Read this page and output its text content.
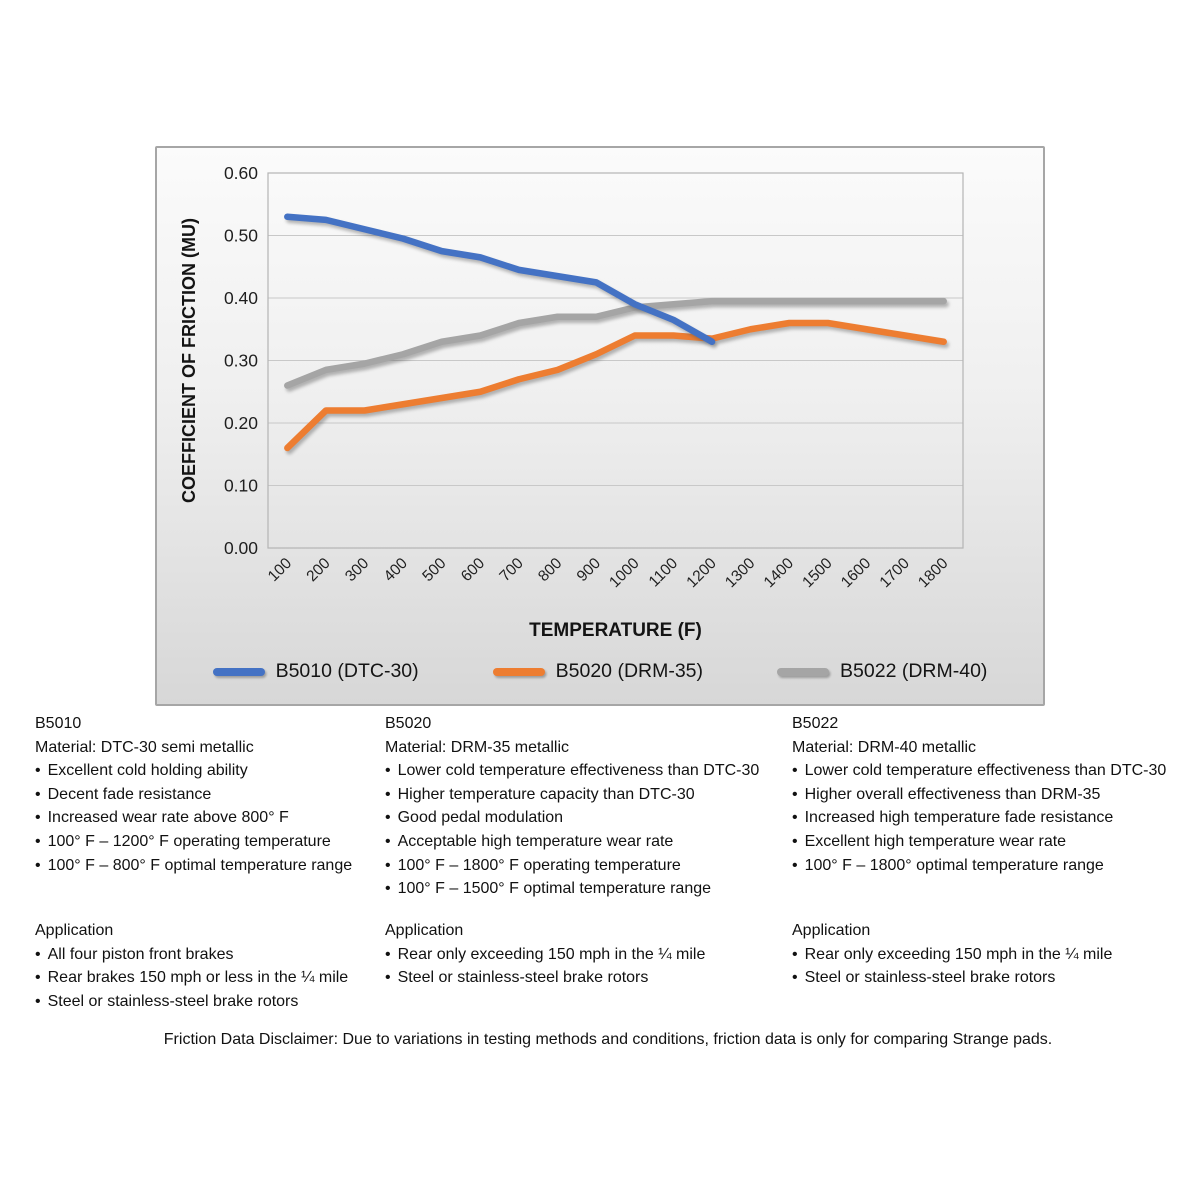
0.00
0.10
0.20
0.30
0.40
0.50
0.60
100 200 300 400 500 600 700 800 900 1000 1100 1200 1300 1400 1500 1600 1700 1800
TEMPERATURE (F)
COEFFICIENT OF FRICTION (MU)
B5010 (DTC-30)	B5020 (DRM-35)	B5022 (DRM-40)
B5010
Material: DTC-30 semi metallic
• Excellent cold holding ability
• Decent fade resistance
• Increased wear rate above 800° F
• 100° F – 1200° F operating temperature
• 100° F – 800° F optimal temperature range
Application
• All four piston front brakes
• Rear brakes 150 mph or less in the ¼ mile
• Steel or stainless-steel brake rotors
B5020
Material: DRM-35 metallic
• Lower cold temperature effectiveness than DTC-30
• Higher temperature capacity than DTC-30
• Good pedal modulation
• Acceptable high temperature wear rate
• 100° F – 1800° F operating temperature
• 100° F – 1500° F optimal temperature range
Application
• Rear only exceeding 150 mph in the ¼ mile
• Steel or stainless-steel brake rotors
B5022
Material: DRM-40 metallic
• Lower cold temperature effectiveness than DTC-30
• Higher overall effectiveness than DRM-35
• Increased high temperature fade resistance
• Excellent high temperature wear rate
• 100° F – 1800° optimal temperature range
Application
• Rear only exceeding 150 mph in the ¼ mile
• Steel or stainless-steel brake rotors
Friction Data Disclaimer: Due to variations in testing methods and conditions, friction data is only for comparing Strange pads.
